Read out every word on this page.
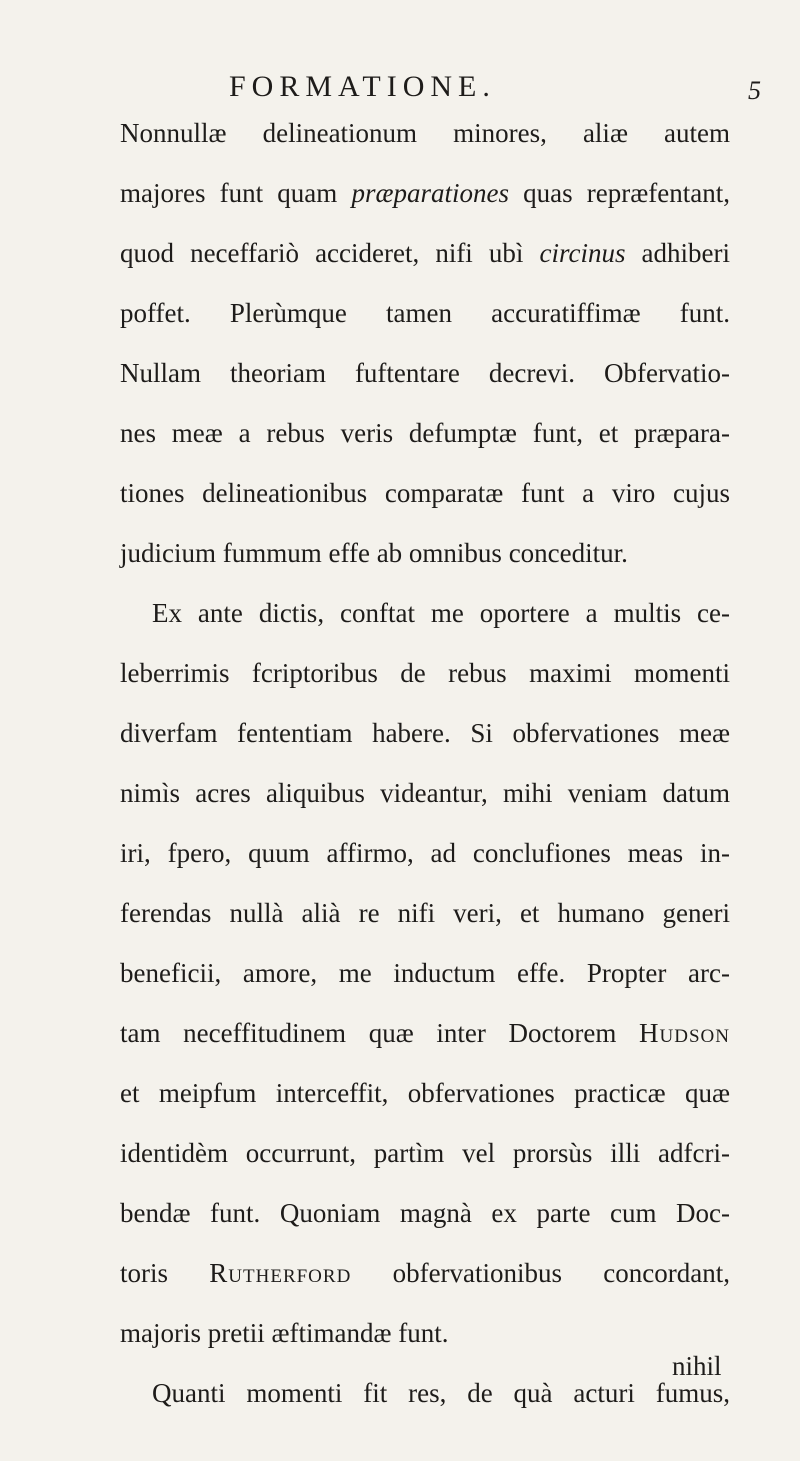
FORMATIONE.	5
Nonnullæ delineationum minores, aliæ autem
majores funt quam præparationes quas repræfentant,
quod neceffariò accideret, nifi ubì circinus adhiberi
poffet. Plerùmque tamen accuratiffimæ funt.
Nullam theoriam fuftentare decrevi. Obfervatio-
nes meæ a rebus veris defumptæ funt, et præpara-
tiones delineationibus comparatæ funt a viro cujus
judicium fummum effe ab omnibus conceditur.
Ex ante dictis, conftat me oportere a multis ce-
leberrimis fcriptoribus de rebus maximi momenti
diverfam fententiam habere. Si obfervationes meæ
nimìs acres aliquibus videantur, mihi veniam datum
iri, fpero, quum affirmo, ad conclufiones meas in-
ferendas nullà alià re nifi veri, et humano generi
beneficii, amore, me inductum effe. Propter arc-
tam neceffitudinem quæ inter Doctorem Hudson
et meipfum interceffit, obfervationes practicæ quæ
identidèm occurrunt, partìm vel prorsùs illi adfcri-
bendæ funt. Quoniam magnà ex parte cum Doc-
toris Rutherford obfervationibus concordant,
majoris pretii æftimandæ funt.
Quanti momenti fit res, de quà acturi fumus,
nihil
